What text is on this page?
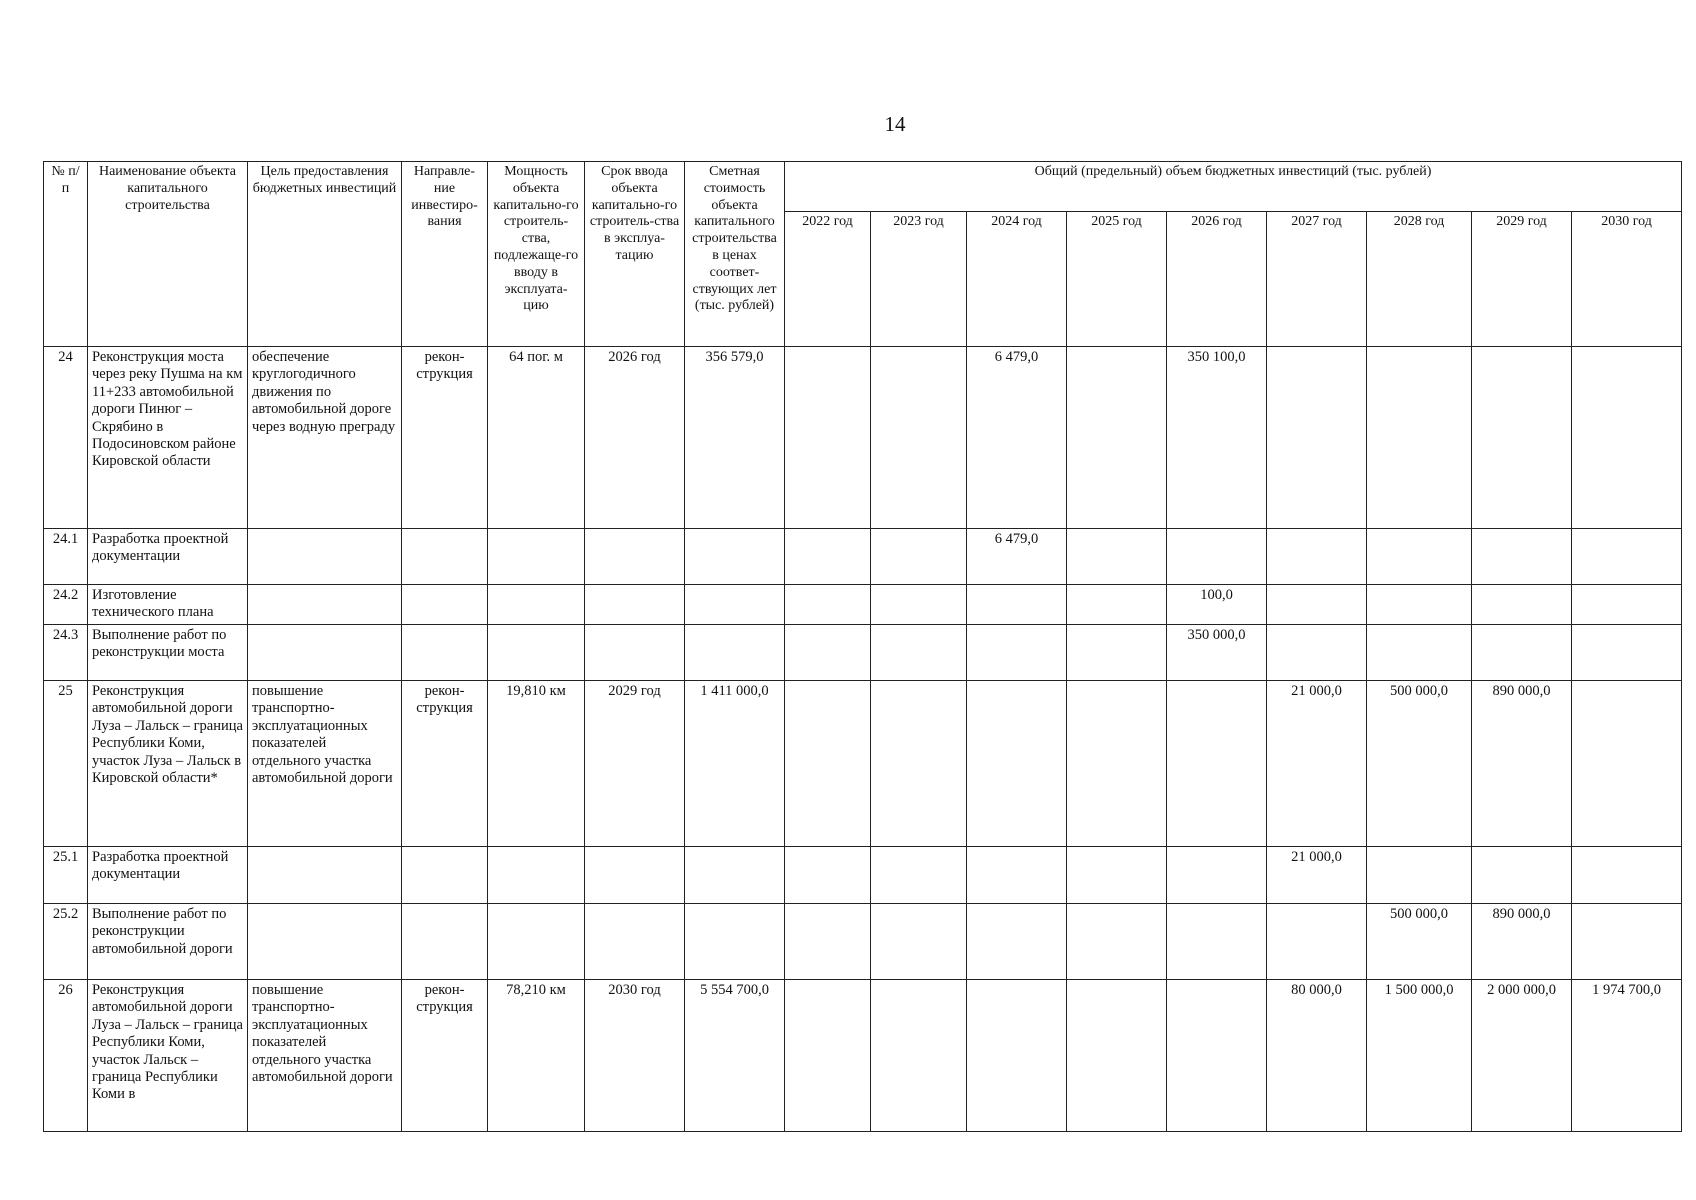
14
№ п/п	Наименование объекта капитального строительства	Цель предоставления бюджетных инвестиций	Направле-ние инвестиро-вания	Мощность объекта капитально-го строитель-ства, подлежаще-го вводу в эксплуата-цию	Срок ввода объекта капитально-го строитель-ства в эксплуа-тацию	Сметная стоимость объекта капитального строительства в ценах соответ-ствующих лет (тыс. рублей)	Общий (предельный) объем бюджетных инвестиций (тыс. рублей)								
							2022 год	2023 год	2024 год	2025 год	2026 год	2027 год	2028 год	2029 год	2030 год
24	Реконструкция моста через реку Пушма на км 11+233 автомобильной дороги Пинюг – Скрябино в Подосиновском районе Кировской области	обеспечение круглогодичного движения по автомобильной дороге через водную преграду	рекон-струкция	64 пог. м	2026 год	356 579,0			6 479,0		350 100,0				
24.1	Разработка проектной документации								6 479,0						
24.2	Изготовление технического плана										100,0				
24.3	Выполнение работ по реконструкции моста										350 000,0				
25	Реконструкция автомобильной дороги Луза – Лальск – граница Республики Коми, участок Луза – Лальск в Кировской области*	повышение транспортно-эксплуатационных показателей отдельного участка автомобильной дороги	рекон-струкция	19,810 км	2029 год	1 411 000,0						21 000,0	500 000,0	890 000,0	
25.1	Разработка проектной документации											21 000,0			
25.2	Выполнение работ по реконструкции автомобильной дороги												500 000,0	890 000,0	
26	Реконструкция автомобильной дороги Луза – Лальск – граница Республики Коми, участок Лальск – граница Республики Коми в	повышение транспортно-эксплуатационных показателей отдельного участка автомобильной дороги	рекон-струкция	78,210 км	2030 год	5 554 700,0						80 000,0	1 500 000,0	2 000 000,0	1 974 700,0
